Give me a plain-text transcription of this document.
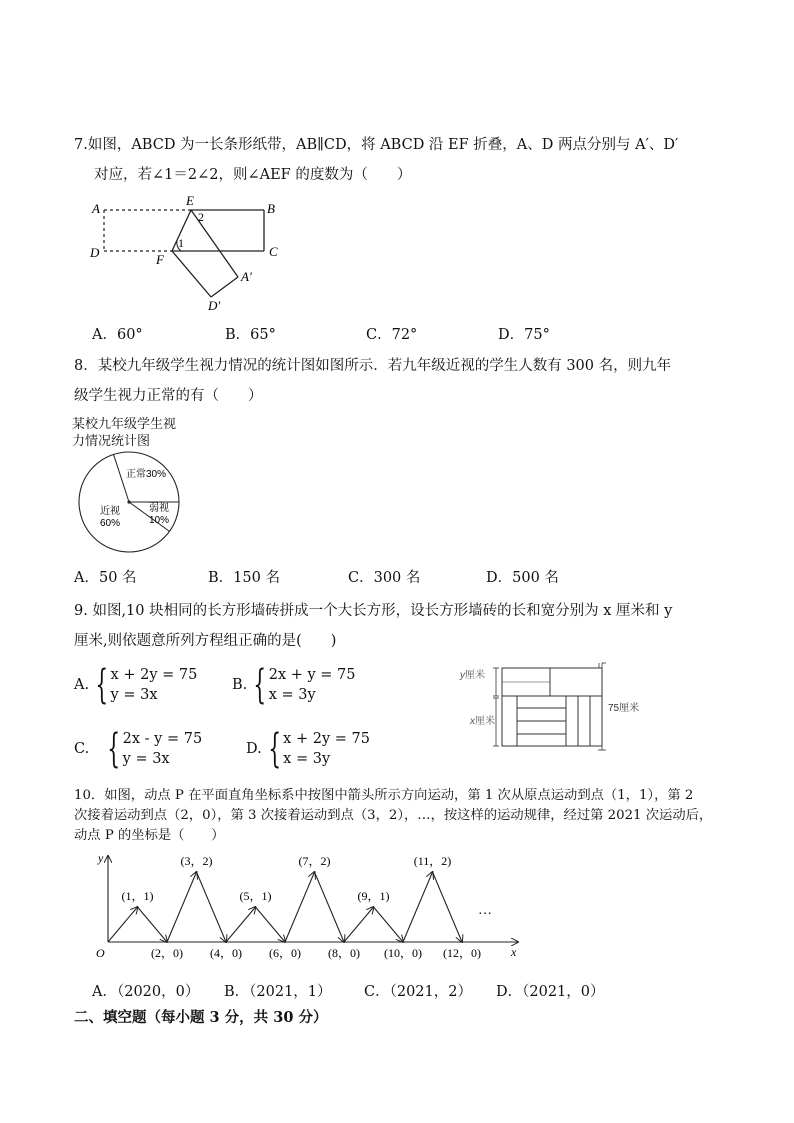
7.如图，ABCD 为一长条形纸带，AB∥CD，将 ABCD 沿 EF 折叠，A、D 两点分别与 A′、D′
对应，若∠1＝2∠2，则∠AEF 的度数为（　　）
A	B
C
D
E
F
A′
D′
2
1
A．60°	B．65°	C．72°	D．75°
8．某校九年级学生视力情况的统计图如图所示．若九年级近视的学生人数有 300 名，则九年
级学生视力正常的有（　　）
某校九年级学生视
力情况统计图
正常30%
弱视
10%
近视
60%
A．50 名	B．150 名	C．300 名	D．500 名
9. 如图,10 块相同的长方形墙砖拼成一个大长方形，设长方形墙砖的长和宽分别为 x 厘米和 y
厘米,则依题意所列方程组正确的是(　　)
A. { x + 2y = 75
y = 3x
B. { 2x + y = 75
x = 3y
C. { 2x - y = 75
y = 3x
D. { x + 2y = 75
x = 3y
y厘米
x厘米
75厘米
10．如图，动点 P 在平面直角坐标系中按图中箭头所示方向运动，第 1 次从原点运动到点（1，1），第 2
次接着运动到点（2，0），第 3 次接着运动到点（3，2），…，按这样的运动规律，经过第 2021 次运动后，
动点 P 的坐标是（　　）
x
y
O
(1，1)
(2，0)
(3，2)
(4，0)
(5，1)
(6，0)
(7，2)
(8，0)
(9，1)
(10，0)
(11，2)
(12，0)
…
A．（2020，0） B．（2021，1） C．（2021，2） D．（2021，0）
二、填空题（每小题 3 分，共 30 分）
